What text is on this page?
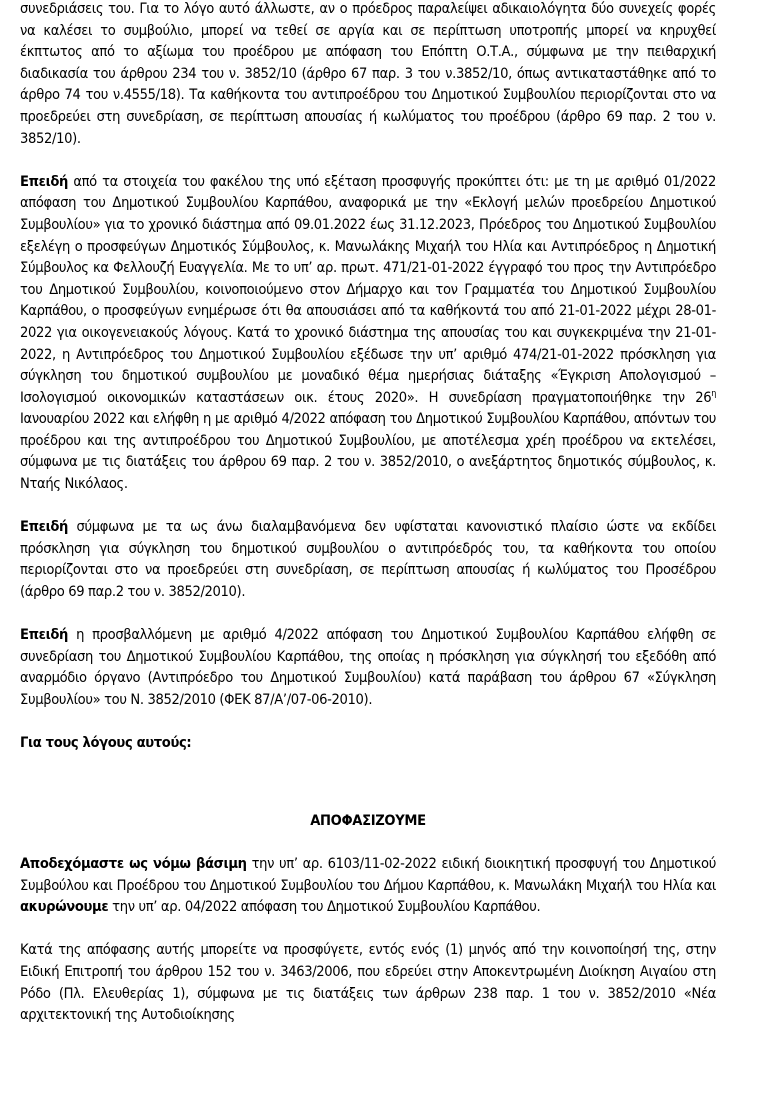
συνεδριάσεις του. Για το λόγο αυτό άλλωστε, αν ο πρόεδρος παραλείψει αδικαιολόγητα δύο συνεχείς φορές να καλέσει το συμβούλιο, μπορεί να τεθεί σε αργία και σε περίπτωση υποτροπής μπορεί να κηρυχθεί έκπτωτος από το αξίωμα του προέδρου με απόφαση του Επόπτη Ο.Τ.Α., σύμφωνα με την πειθαρχική διαδικασία του άρθρου 234 του ν. 3852/10 (άρθρο 67 παρ. 3 του ν.3852/10, όπως αντικαταστάθηκε από το άρθρο 74 του ν.4555/18). Τα καθήκοντα του αντιπροέδρου του Δημοτικού Συμβουλίου περιορίζονται στο να προεδρεύει στη συνεδρίαση, σε περίπτωση απουσίας ή κωλύματος του προέδρου (άρθρο 69 παρ. 2 του ν. 3852/10).

Επειδή από τα στοιχεία του φακέλου της υπό εξέταση προσφυγής προκύπτει ότι: με τη με αριθμό 01/2022 απόφαση του Δημοτικού Συμβουλίου Καρπάθου, αναφορικά με την «Εκλογή μελών προεδρείου Δημοτικού Συμβουλίου» για το χρονικό διάστημα από 09.01.2022 έως 31.12.2023, Πρόεδρος του Δημοτικού Συμβουλίου εξελέγη ο προσφεύγων Δημοτικός Σύμβουλος, κ. Μανωλάκης Μιχαήλ του Ηλία και Αντιπρόεδρος η Δημοτική Σύμβουλος κα Φελλουζή Ευαγγελία. Με το υπ’ αρ. πρωτ. 471/21-01-2022 έγγραφό του προς την Αντιπρόεδρο του Δημοτικού Συμβουλίου, κοινοποιούμενο στον Δήμαρχο και τον Γραμματέα του Δημοτικού Συμβουλίου Καρπάθου, ο προσφεύγων ενημέρωσε ότι θα απουσιάσει από τα καθήκοντά του από 21-01-2022 μέχρι 28-01-2022 για οικογενειακούς λόγους. Κατά το χρονικό διάστημα της απουσίας του και συγκεκριμένα την 21-01-2022, η Αντιπρόεδρος του Δημοτικού Συμβουλίου εξέδωσε την υπ’ αριθμό 474/21-01-2022 πρόσκληση για σύγκληση του δημοτικού συμβουλίου με μοναδικό θέμα ημερήσιας διάταξης «Έγκριση Απολογισμού – Ισολογισμού οικονομικών καταστάσεων οικ. έτους 2020». Η συνεδρίαση πραγματοποιήθηκε την $26^\eta$ Ιανουαρίου 2022 και ελήφθη η με αριθμό 4/2022 απόφαση του Δημοτικού Συμβουλίου Καρπάθου, απόντων του προέδρου και της αντιπροέδρου του Δημοτικού Συμβουλίου, με αποτέλεσμα χρέη προέδρου να εκτελέσει, σύμφωνα με τις διατάξεις του άρθρου 69 παρ. 2 του ν. 3852/2010, ο ανεξάρτητος δημοτικός σύμβουλος, κ. Νταής Νικόλαος.

Επειδή σύμφωνα με τα ως άνω διαλαμβανόμενα δεν υφίσταται κανονιστικό πλαίσιο ώστε να εκδίδει πρόσκληση για σύγκληση του δημοτικού συμβουλίου ο αντιπρόεδρός του, τα καθήκοντα του οποίου περιορίζονται στο να προεδρεύει στη συνεδρίαση, σε περίπτωση απουσίας ή κωλύματος του Προσέδρου (άρθρο 69 παρ.2 του ν. 3852/2010).

Επειδή η προσβαλλόμενη με αριθμό 4/2022 απόφαση του Δημοτικού Συμβουλίου Καρπάθου ελήφθη σε συνεδρίαση του Δημοτικού Συμβουλίου Καρπάθου, της οποίας η πρόσκληση για σύγκλησή του εξεδόθη από αναρμόδιο όργανο (Αντιπρόεδρο του Δημοτικού Συμβουλίου) κατά παράβαση του άρθρου 67 «Σύγκληση Συμβουλίου» του Ν. 3852/2010 (ΦΕΚ 87/Α’/07-06-2010).

Για τους λόγους αυτούς:

ΑΠΟΦΑΣΙΖΟΥΜΕ

Αποδεχόμαστε ως νόμω βάσιμη την υπ’ αρ. 6103/11-02-2022 ειδική διοικητική προσφυγή του Δημοτικού Συμβούλου και Προέδρου του Δημοτικού Συμβουλίου του Δήμου Καρπάθου, κ. Μανωλάκη Μιχαήλ του Ηλία και ακυρώνουμε την υπ’ αρ. 04/2022 απόφαση του Δημοτικού Συμβουλίου Καρπάθου.

Κατά της απόφασης αυτής μπορείτε να προσφύγετε, εντός ενός (1) μηνός από την κοινοποίησή της, στην Ειδική Επιτροπή του άρθρου 152 του ν. 3463/2006, που εδρεύει στην Αποκεντρωμένη Διοίκηση Αιγαίου στη Ρόδο (Πλ. Ελευθερίας 1), σύμφωνα με τις διατάξεις των άρθρων 238 παρ. 1 του ν. 3852/2010 «Νέα αρχιτεκτονική της Αυτοδιοίκησης
